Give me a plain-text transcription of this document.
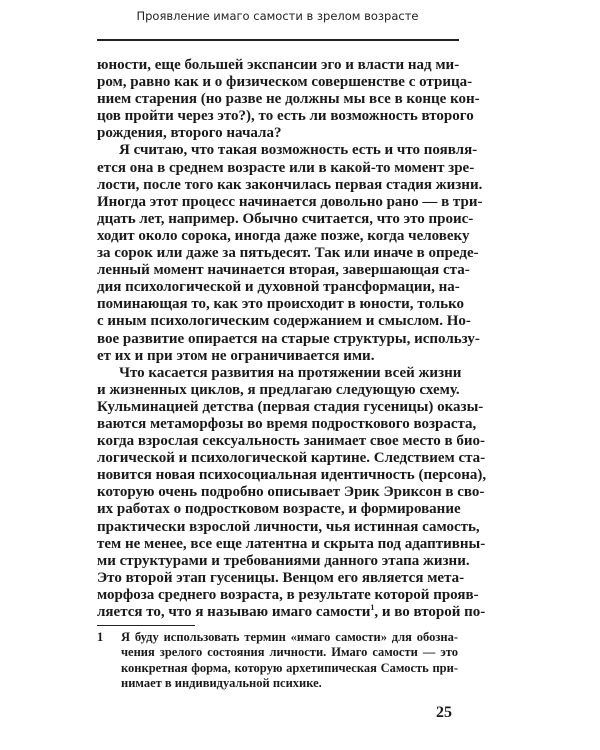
Проявление имаго самости в зрелом возрасте
юности, еще большей экспансии эго и власти над ми-
ром, равно как и о физическом совершенстве с отрица-
нием старения (но разве не должны мы все в конце кон-
цов пройти через это?), то есть ли возможность второго
рождения, второго начала?
Я считаю, что такая возможность есть и что появля-
ется она в среднем возрасте или в какой-то момент зре-
лости, после того как закончилась первая стадия жизни.
Иногда этот процесс начинается довольно рано — в три-
дцать лет, например. Обычно считается, что это проис-
ходит около сорока, иногда даже позже, когда человеку
за сорок или даже за пятьдесят. Так или иначе в опреде-
ленный момент начинается вторая, завершающая ста-
дия психологической и духовной трансформации, на-
поминающая то, как это происходит в юности, только
с иным психологическим содержанием и смыслом. Но-
вое развитие опирается на старые структуры, использу-
ет их и при этом не ограничивается ими.
Что касается развития на протяжении всей жизни
и жизненных циклов, я предлагаю следующую схему.
Кульминацией детства (первая стадия гусеницы) оказы-
ваются метаморфозы во время подросткового возраста,
когда взрослая сексуальность занимает свое место в био-
логической и психологической картине. Следствием ста-
новится новая психосоциальная идентичность (персона),
которую очень подробно описывает Эрик Эриксон в сво-
их работах о подростковом возрасте, и формирование
практически взрослой личности, чья истинная самость,
тем не менее, все еще латентна и скрыта под адаптивны-
ми структурами и требованиями данного этапа жизни.
Это второй этап гусеницы. Венцом его является мета-
морфоза среднего возраста, в результате которой прояв-
ляется то, что я называю имаго самости$^1$, и во второй по-
1 Я буду использовать термин «имаго самости» для обозна-
чения зрелого состояния личности. Имаго самости — это
конкретная форма, которую архетипическая Самость при-
нимает в индивидуальной психике.
25
